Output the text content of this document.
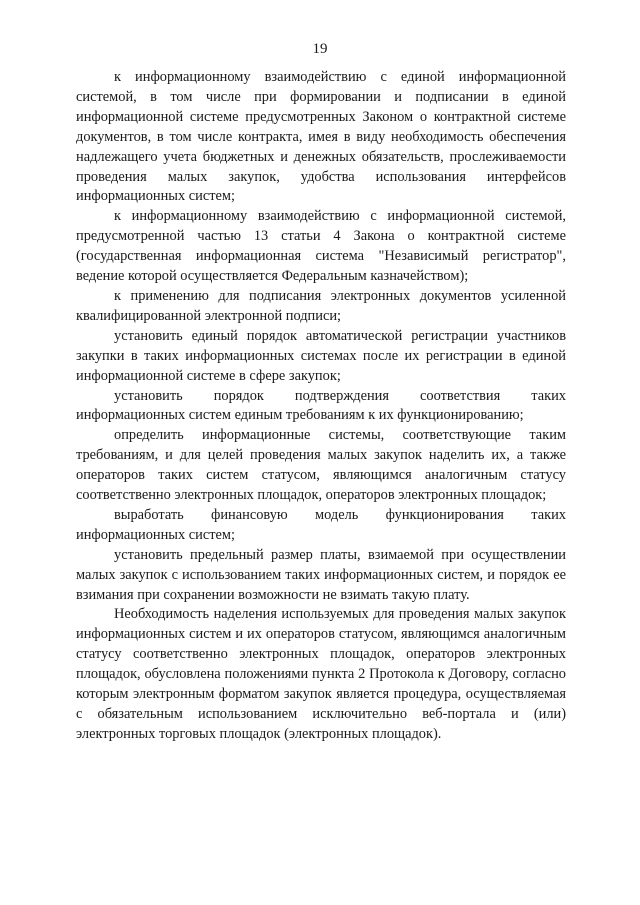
19

к информационному взаимодействию с единой информационной системой, в том числе при формировании и подписании в единой информационной системе предусмотренных Законом о контрактной системе документов, в том числе контракта, имея в виду необходимость обеспечения надлежащего учета бюджетных и денежных обязательств, прослеживаемости проведения малых закупок, удобства использования интерфейсов информационных систем;

к информационному взаимодействию с информационной системой, предусмотренной частью 13 статьи 4 Закона о контрактной системе (государственная информационная система "Независимый регистратор", ведение которой осуществляется Федеральным казначейством);

к применению для подписания электронных документов усиленной квалифицированной электронной подписи;

установить единый порядок автоматической регистрации участников закупки в таких информационных системах после их регистрации в единой информационной системе в сфере закупок;

установить порядок подтверждения соответствия таких информационных систем единым требованиям к их функционированию;

определить информационные системы, соответствующие таким требованиям, и для целей проведения малых закупок наделить их, а также операторов таких систем статусом, являющимся аналогичным статусу соответственно электронных площадок, операторов электронных площадок;

выработать финансовую модель функционирования таких информационных систем;

установить предельный размер платы, взимаемой при осуществлении малых закупок с использованием таких информационных систем, и порядок ее взимания при сохранении возможности не взимать такую плату.

Необходимость наделения используемых для проведения малых закупок информационных систем и их операторов статусом, являющимся аналогичным статусу соответственно электронных площадок, операторов электронных площадок, обусловлена положениями пункта 2 Протокола к Договору, согласно которым электронным форматом закупок является процедура, осуществляемая с обязательным использованием исключительно веб-портала и (или) электронных торговых площадок (электронных площадок).
